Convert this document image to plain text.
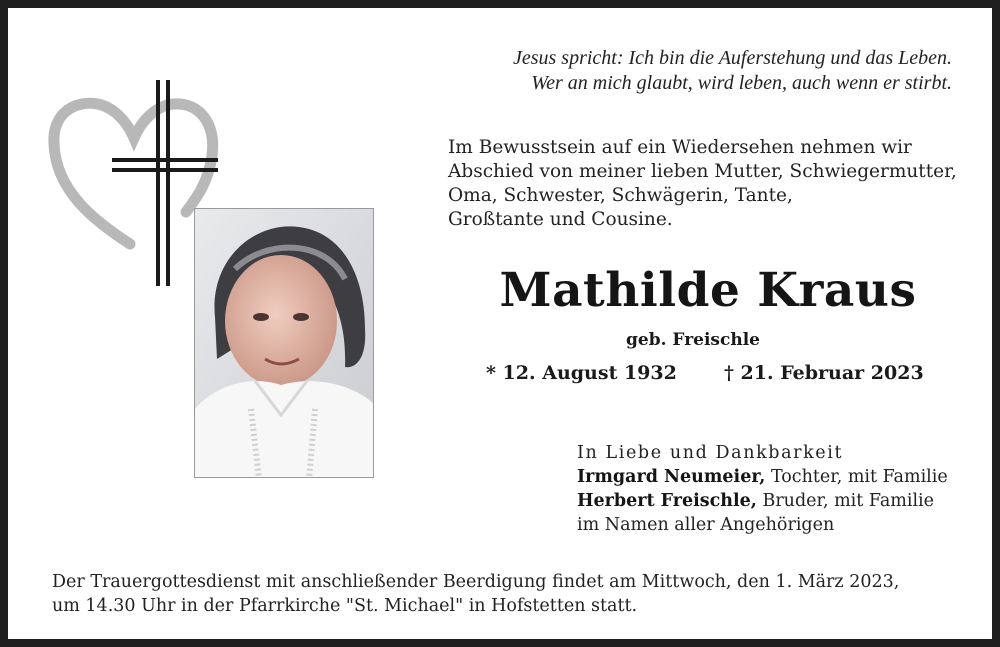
Jesus spricht: Ich bin die Auferstehung und das Leben.
Wer an mich glaubt, wird leben, auch wenn er stirbt.
Im Bewusstsein auf ein Wiedersehen nehmen wir
Abschied von meiner lieben Mutter, Schwiegermutter,
Oma, Schwester, Schwägerin, Tante,
Großtante und Cousine.
Mathilde Kraus
geb. Freischle
* 12. August 1932 † 21. Februar 2023
In Liebe und Dankbarkeit
Irmgard Neumeier, Tochter, mit Familie
Herbert Freischle, Bruder, mit Familie
im Namen aller Angehörigen
Der Trauergottesdienst mit anschließender Beerdigung findet am Mittwoch, den 1. März 2023,
um 14.30 Uhr in der Pfarrkirche "St. Michael" in Hofstetten statt.
